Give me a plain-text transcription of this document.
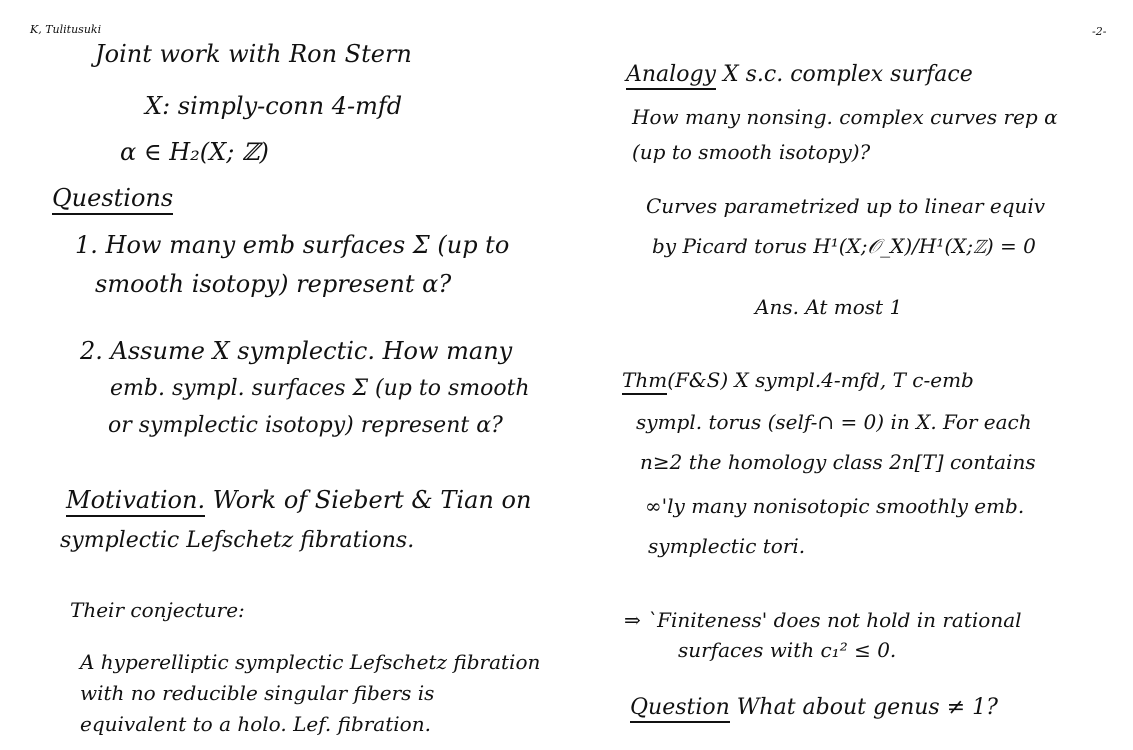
K, Tulitusuki	-2-
Joint work with Ron Stern
X: simply-conn 4-mfd
α ∈ H₂(X; ℤ)
Questions
1. How many emb surfaces Σ (up to
smooth isotopy) represent α?
2. Assume X symplectic. How many
emb. sympl. surfaces Σ (up to smooth
or symplectic isotopy) represent α?
Motivation. Work of Siebert & Tian on
symplectic Lefschetz fibrations.
Their conjecture:
A hyperelliptic symplectic Lefschetz fibration
with no reducible singular fibers is
equivalent to a holo. Lef. fibration.
Analogy X s.c. complex surface
How many nonsing. complex curves rep α
(up to smooth isotopy)?
Curves parametrized up to linear equiv
by Picard torus H¹(X;𝒪_X)/H¹(X;ℤ) = 0
Ans. At most 1
Thm(F&S) X sympl.4-mfd, T c-emb
sympl. torus (self-∩ = 0) in X. For each
n≥2 the homology class 2n[T] contains
∞'ly many nonisotopic smoothly emb.
symplectic tori.
⇒ `Finiteness' does not hold in rational
surfaces with c₁² ≤ 0.
Question What about genus ≠ 1?
